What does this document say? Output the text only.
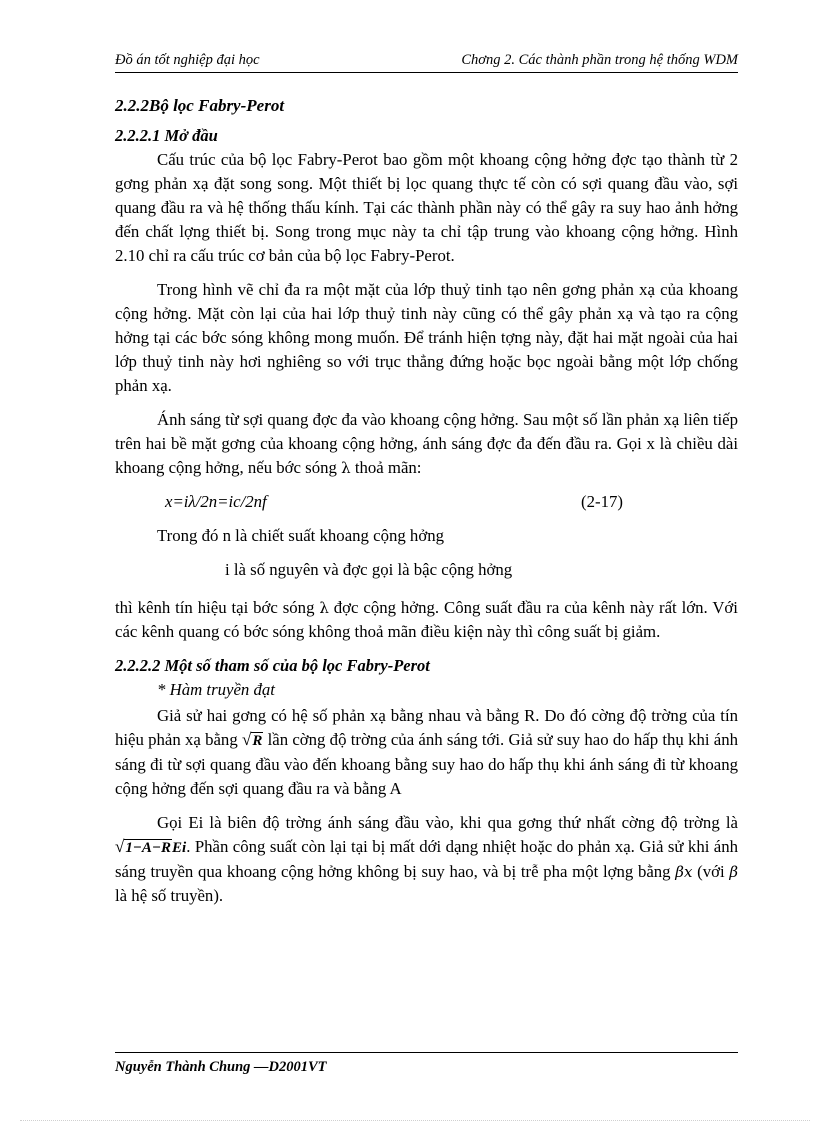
Đồ án tốt nghiệp đại học	Chơng 2. Các thành phần trong hệ thống WDM
2.2.2Bộ lọc Fabry-Perot
2.2.2.1 Mở đầu

Cấu trúc của bộ lọc Fabry-Perot bao gồm một khoang cộng hởng đợc tạo thành từ 2 gơng phản xạ đặt song song. Một thiết bị lọc quang thực tế còn có sợi quang đầu vào, sợi quang đầu ra và hệ thống thấu kính. Tại các thành phần này có thể gây ra suy hao ảnh hởng đến chất lợng thiết bị. Song trong mục này ta chỉ tập trung vào khoang cộng hởng. Hình 2.10 chỉ ra cấu trúc cơ bản của bộ lọc Fabry-Perot.

Trong hình vẽ chỉ đa ra một mặt của lớp thuỷ tinh tạo nên gơng phản xạ của khoang cộng hởng. Mặt còn lại của hai lớp thuỷ tinh này cũng có thể gây phản xạ và tạo ra cộng hởng tại các bớc sóng không mong muốn. Để tránh hiện tợng này, đặt hai mặt ngoài của hai lớp thuỷ tinh này hơi nghiêng so với trục thẳng đứng hoặc bọc ngoài bằng một lớp chống phản xạ.

Ánh sáng từ sợi quang đợc đa vào khoang cộng hởng. Sau một số lần phản xạ liên tiếp trên hai bề mặt gơng của khoang cộng hởng, ánh sáng đợc đa đến đầu ra. Gọi x là chiều dài khoang cộng hởng, nếu bớc sóng λ thoả mãn:

x=iλ/2n=ic/2nf	(2-17)
Trong đó n là chiết suất khoang cộng hởng
i là số nguyên và đợc gọi là bậc cộng hởng

thì kênh tín hiệu tại bớc sóng λ đợc cộng hởng. Công suất đầu ra của kênh này rất lớn. Với các kênh quang có bớc sóng không thoả mãn điều kiện này thì công suất bị giảm.

2.2.2.2 Một số tham số của bộ lọc Fabry-Perot
* Hàm truyền đạt

Giả sử hai gơng có hệ số phản xạ bằng nhau và bằng R. Do đó cờng độ trờng của tín hiệu phản xạ bằng √R lần cờng độ trờng của ánh sáng tới. Giả sử suy hao do hấp thụ khi ánh sáng đi từ sợi quang đầu vào đến khoang bằng suy hao do hấp thụ khi ánh sáng đi từ khoang cộng hởng đến sợi quang đầu ra và bằng A

Gọi Ei là biên độ trờng ánh sáng đầu vào, khi qua gơng thứ nhất cờng độ trờng là √1−A−REi. Phần công suất còn lại tại bị mất dới dạng nhiệt hoặc do phản xạ. Giả sử khi ánh sáng truyền qua khoang cộng hởng không bị suy hao, và bị trễ pha một lợng bằng βx (với β là hệ số truyền).

Nguyễn Thành Chung —D2001VT
